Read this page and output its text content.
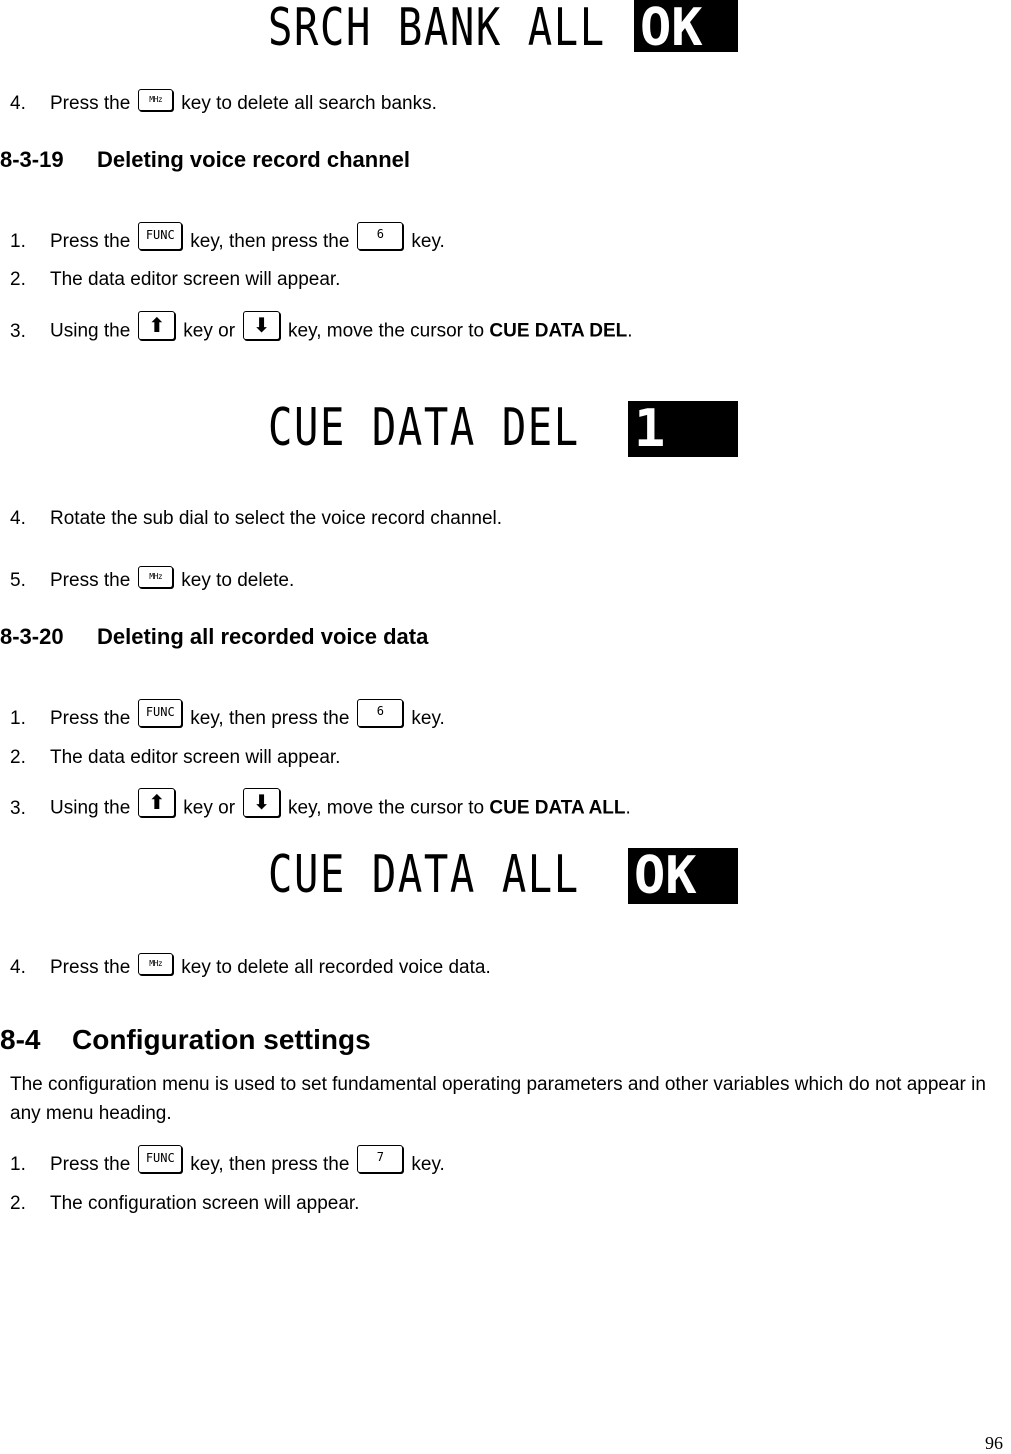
SRCH BANK ALL OK
4. Press the MHz key to delete all search banks.
8-3-19 Deleting voice record channel
1. Press the FUNC key, then press the 6 key.
2. The data editor screen will appear.
3. Using the ⬆ key or ⬇ key, move the cursor to CUE DATA DEL.
CUE DATA DEL	1
4. Rotate the sub dial to select the voice record channel.
5. Press the MHz key to delete.
8-3-20 Deleting all recorded voice data
1. Press the FUNC key, then press the 6 key.
2. The data editor screen will appear.
3. Using the ⬆ key or ⬇ key, move the cursor to CUE DATA ALL.
CUE DATA ALL	OK
4. Press the MHz key to delete all recorded voice data.
8-4 Configuration settings
The configuration menu is used to set fundamental operating parameters and other variables which do not appear in any menu heading.
1. Press the FUNC key, then press the 7 key.
2. The configuration screen will appear.
96
